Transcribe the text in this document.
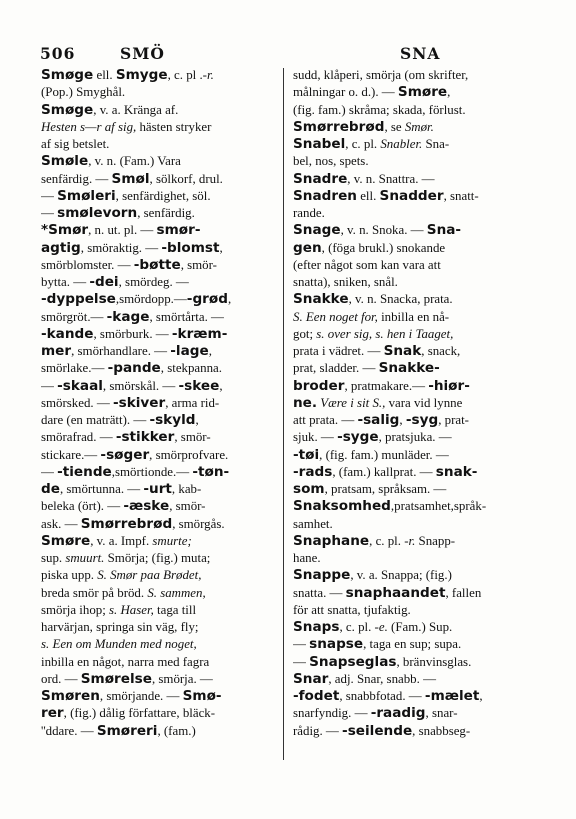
506	SMÖ	SNA
Smøge ell. Smyge, c. pl .-r.
(Pop.) Smyghål.
Smøge, v. a. Kränga af.
Hesten s—r af sig, hästen stryker
af sig betslet.
Smøle, v. n. (Fam.) Vara
senfärdig. — Smøl, sölkorf, drul.
— Smøleri, senfärdighet, söl.
— smølevorn, senfärdig.
*Smør, n. ut. pl. — smør-
agtig, smöraktig. — -blomst,
smörblomster. — -bøtte, smör-
bytta. — -dei, smördeg. —
-dyppelse,smördopp.—-grød,
smörgröt.— -kage, smörtårta. —
-kande, smörburk. — -kræm-
mer, smörhandlare. — -lage,
smörlake.— -pande, stekpanna.
— -skaal, smörskål. — -skee,
smörsked. — -skiver, arma rid-
dare (en maträtt). — -skyld,
smörafrad. — -stikker, smör-
stickare.— -søger, smörprofvare.
— -tiende,smörtionde.— -tøn-
de, smörtunna. — -urt, kab-
beleka (ört). — -æske, smör-
ask. — Smørrebrød, smörgås.
Smøre, v. a. Impf. smurte;
sup. smuurt. Smörja; (fig.) muta;
piska upp. S. Smør paa Brødet,
breda smör på bröd. S. sammen,
smörja ihop; s. Haser, taga till
harvärjan, springa sin väg, fly;
s. Een om Munden med noget,
inbilla en något, narra med fagra
ord. — Smørelse, smörja. —
Smøren, smörjande. — Smø-
rer, (fig.) dålig författare, bläck-
''ddare. — Smøreri, (fam.)
sudd, klåperi, smörja (om skrifter,
målningar o. d.). — Smøre,
(fig. fam.) skråma; skada, förlust.
Smørrebrød, se Smør.
Snabel, c. pl. Snabler. Sna-
bel, nos, spets.
Snadre, v. n. Snattra. —
Snadren ell. Snadder, snatt-
rande.
Snage, v. n. Snoka. — Sna-
gen, (föga brukl.) snokande
(efter något som kan vara att
snatta), sniken, snål.
Snakke, v. n. Snacka, prata.
S. Een noget for, inbilla en nå-
got; s. over sig, s. hen i Taaget,
prata i vädret. — Snak, snack,
prat, sladder. — Snakke-
broder, pratmakare.— -hiør-
ne. Være i sit S., vara vid lynne
att prata. — -salig, -syg, prat-
sjuk. — -syge, pratsjuka. —
-tøi, (fig. fam.) munläder. —
-rads, (fam.) kallprat. — snak-
som, pratsam, språksam. —
Snaksomhed,pratsamhet,språk-
samhet.
Snaphane, c. pl. -r. Snapp-
hane.
Snappe, v. a. Snappa; (fig.)
snatta. — snaphaandet, fallen
för att snatta, tjufaktig.
Snaps, c. pl. -e. (Fam.) Sup.
— snapse, taga en sup; supa.
— Snapseglas, bränvinsglas.
Snar, adj. Snar, snabb. —
-fodet, snabbfotad. — -mælet,
snarfyndig. — -raadig, snar-
rådig. — -seilende, snabbseg-
